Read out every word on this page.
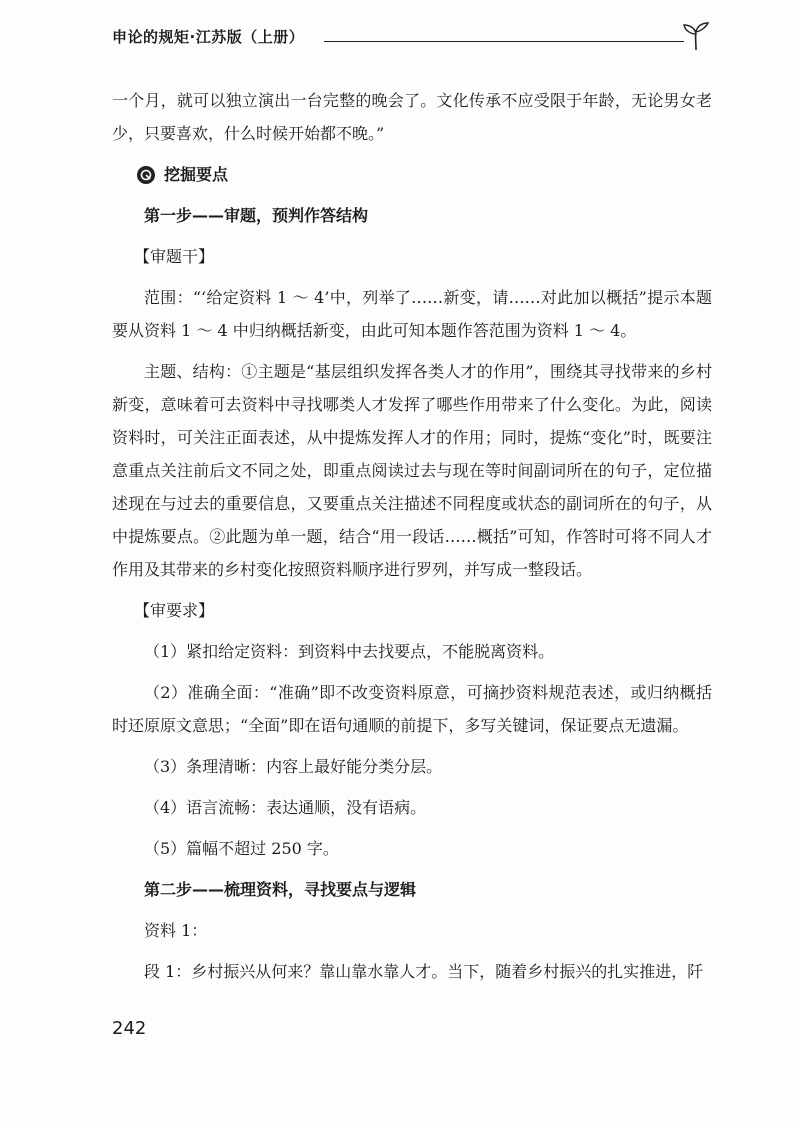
申论的规矩·江苏版（上册）

一个月，就可以独立演出一台完整的晚会了。文化传承不应受限于年龄，无论男女老少，只要喜欢，什么时候开始都不晚。”

挖掘要点

第一步——审题，预判作答结构

【审题干】

范围：“‘给定资料 1 ～ 4’中，列举了……新变，请……对此加以概括”提示本题要从资料 1 ～ 4 中归纳概括新变，由此可知本题作答范围为资料 1 ～ 4。

主题、结构：①主题是“基层组织发挥各类人才的作用”，围绕其寻找带来的乡村新变，意味着可去资料中寻找哪类人才发挥了哪些作用带来了什么变化。为此，阅读资料时，可关注正面表述，从中提炼发挥人才的作用；同时，提炼“变化”时，既要注意重点关注前后文不同之处，即重点阅读过去与现在等时间副词所在的句子，定位描述现在与过去的重要信息，又要重点关注描述不同程度或状态的副词所在的句子，从中提炼要点。②此题为单一题，结合“用一段话……概括”可知，作答时可将不同人才作用及其带来的乡村变化按照资料顺序进行罗列，并写成一整段话。

【审要求】

（1）紧扣给定资料：到资料中去找要点，不能脱离资料。

（2）准确全面：“准确”即不改变资料原意，可摘抄资料规范表述，或归纳概括时还原原文意思；“全面”即在语句通顺的前提下，多写关键词，保证要点无遗漏。

（3）条理清晰：内容上最好能分类分层。

（4）语言流畅：表达通顺，没有语病。

（5）篇幅不超过 250 字。

第二步——梳理资料，寻找要点与逻辑

资料 1：

段 1：乡村振兴从何来？靠山靠水靠人才。当下，随着乡村振兴的扎实推进，阡

242
